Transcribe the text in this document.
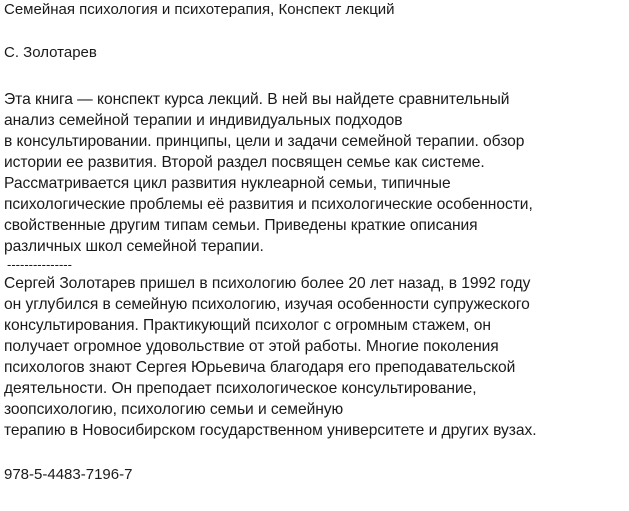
Семейная психология и психотерапия, Конспект лекций
С. Золотарев
Эта книга — конспект курса лекций. В ней вы найдете сравнительный
анализ семейной терапии и индивидуальных подходов
в консультировании. принципы, цели и задачи семейной терапии. обзор
истории ее развития. Второй раздел посвящен семье как системе.
Рассматривается цикл развития нуклеарной семьи, типичные
психологические проблемы её развития и психологические особенности,
свойственные другим типам семьи. Приведены краткие описания
различных школ семейной терапии.
---------------
Сергей Золотарев пришел в психологию более 20 лет назад, в 1992 году
он углубился в семейную психологию, изучая особенности супружеского
консультирования. Практикующий психолог с огромным стажем, он
получает огромное удовольствие от этой работы. Многие поколения
психологов знают Сергея Юрьевича благодаря его преподавательской
деятельности. Он преподает психологическое консультирование,
зоопсихологию, психологию семьи и семейную
терапию в Новосибирском государственном университете и других вузах.
978-5-4483-7196-7
